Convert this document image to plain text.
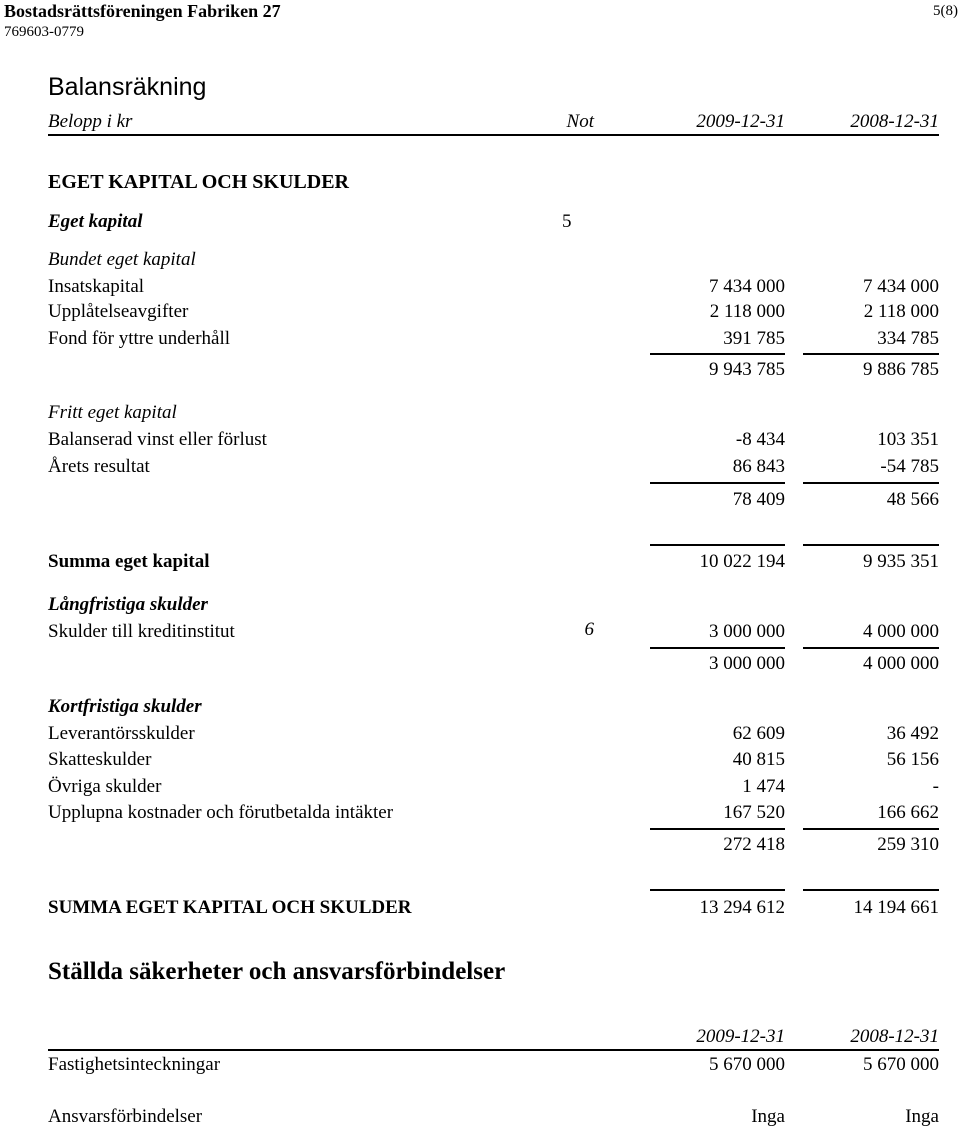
Bostadsrättsföreningen Fabriken 27
769603-0779
5(8)
Balansräkning
Belopp i kr	Not	2009-12-31	2008-12-31
EGET KAPITAL OCH SKULDER
Eget kapital	5
Bundet eget kapital
Insatskapital	7 434 000	7 434 000
Upplåtelseavgifter	2 118 000	2 118 000
Fond för yttre underhåll	391 785	334 785
9 943 785	9 886 785
Fritt eget kapital
Balanserad vinst eller förlust	-8 434	103 351
Årets resultat	86 843	-54 785
78 409	48 566
Summa eget kapital	10 022 194	9 935 351
Långfristiga skulder
Skulder till kreditinstitut	6	3 000 000	4 000 000
3 000 000	4 000 000
Kortfristiga skulder
Leverantörsskulder	62 609	36 492
Skatteskulder	40 815	56 156
Övriga skulder	1 474	-
Upplupna kostnader och förutbetalda intäkter	167 520	166 662
272 418	259 310
SUMMA EGET KAPITAL OCH SKULDER	13 294 612	14 194 661
Ställda säkerheter och ansvarsförbindelser
2009-12-31	2008-12-31
Fastighetsinteckningar	5 670 000	5 670 000
Ansvarsförbindelser	Inga	Inga
